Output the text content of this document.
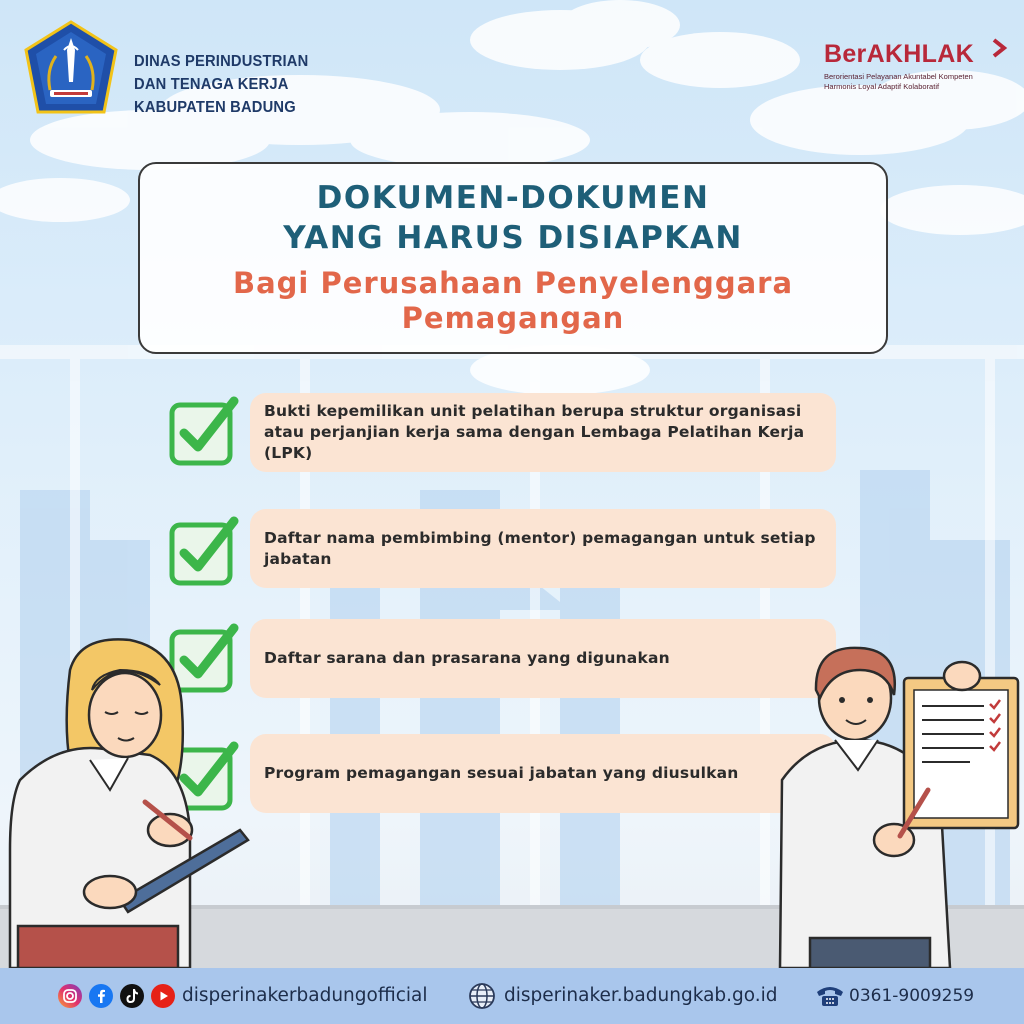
DINAS PERINDUSTRIAN
DAN TENAGA KERJA
KABUPATEN BADUNG
BerAKHLAK
Berorientasi Pelayanan Akuntabel Kompeten
Harmonis Loyal Adaptif Kolaboratif
DOKUMEN-DOKUMEN
YANG HARUS DISIAPKAN
Bagi Perusahaan Penyelenggara
Pemagangan
Bukti kepemilikan unit pelatihan berupa struktur organisasi atau perjanjian kerja sama dengan Lembaga Pelatihan Kerja (LPK)
Daftar nama pembimbing (mentor) pemagangan untuk setiap jabatan
Daftar sarana dan prasarana yang digunakan
Program pemagangan sesuai jabatan yang diusulkan
disperinakerbadungofficial	disperinaker.badungkab.go.id	0361-9009259
